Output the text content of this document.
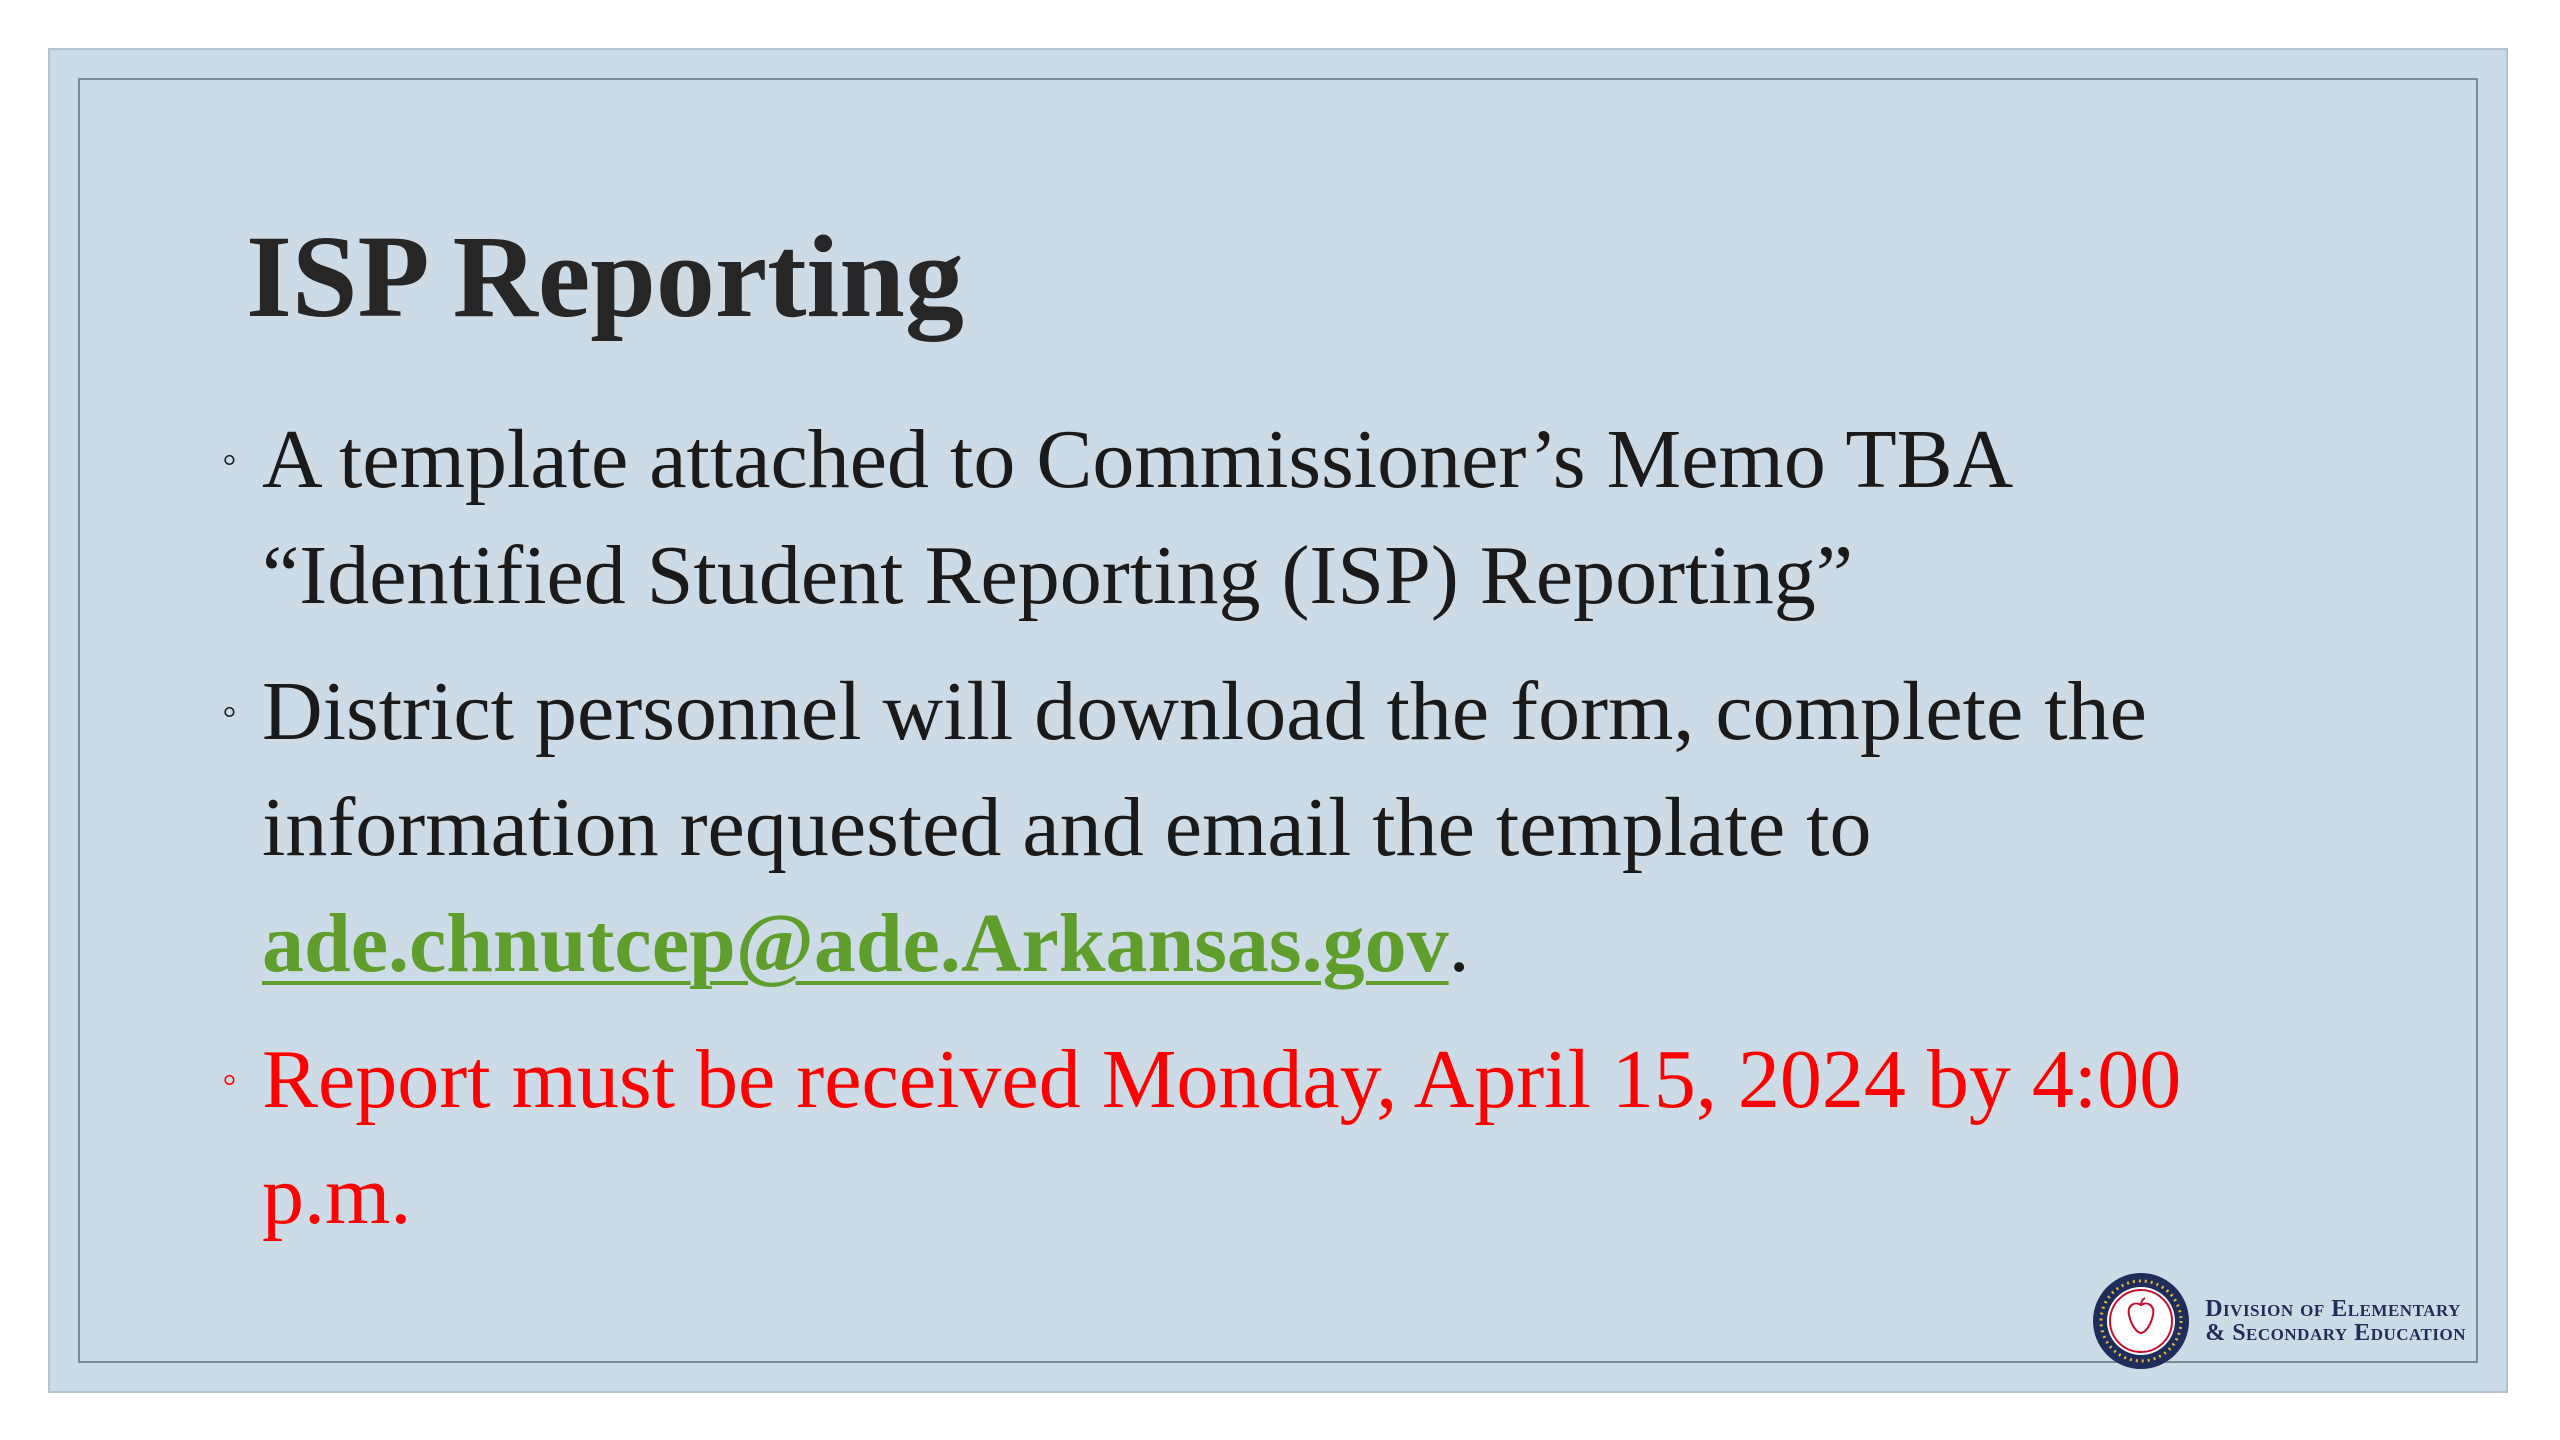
ISP Reporting
◦ A template attached to Commissioner’s Memo TBA “Identified Student Reporting (ISP) Reporting”
◦ District personnel will download the form, complete the information requested and email the template to ade.chnutcep@ade.Arkansas.gov.
◦ Report must be received Monday, April 15, 2024 by 4:00 p.m.
Division of Elementary
& Secondary Education
